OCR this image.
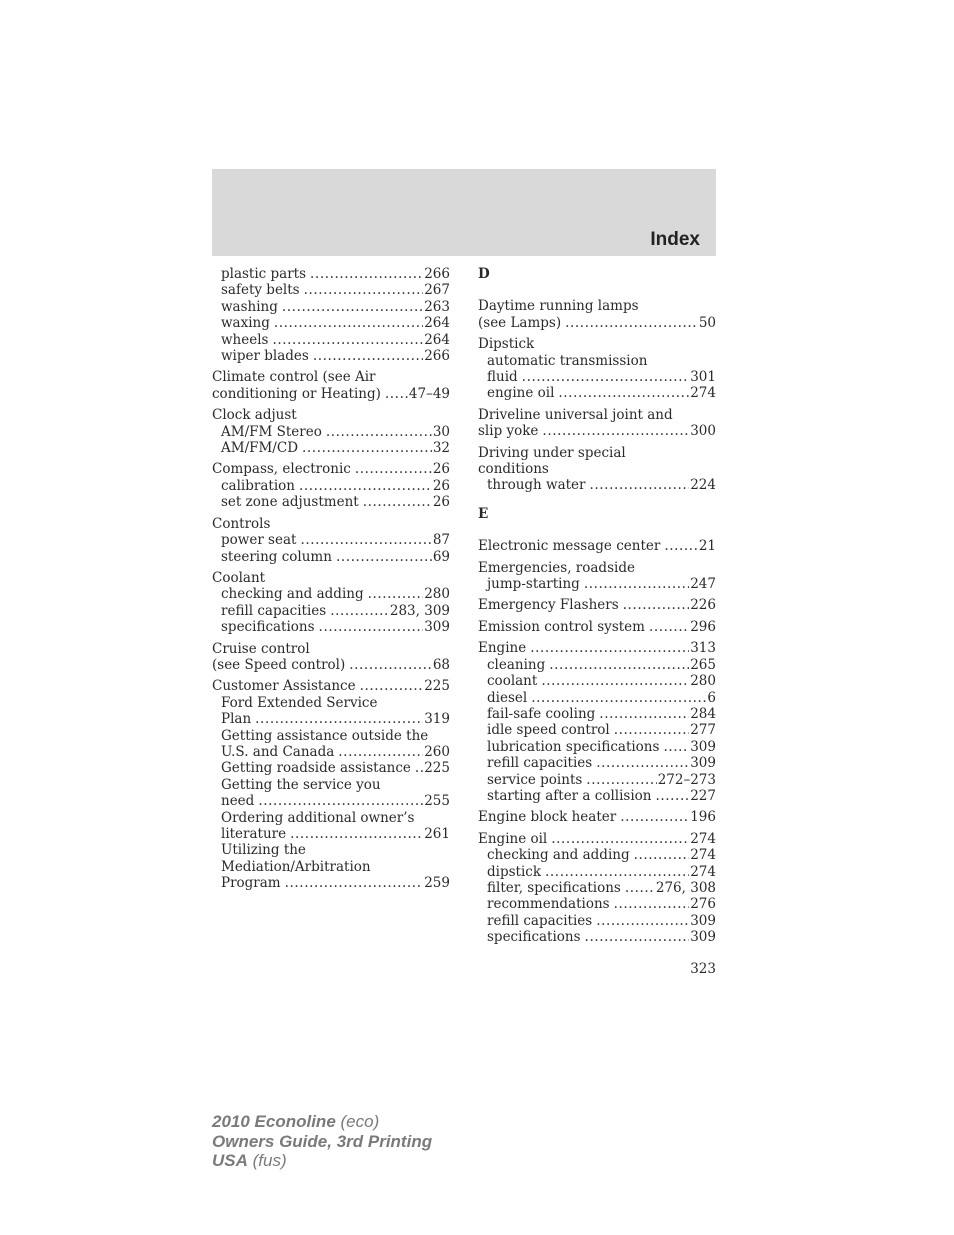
Index
plastic parts .....	266
safety belts .....	267
washing .....	263
waxing .....	264
wheels .....	264
wiper blades .....	266
Climate control (see Air
conditioning or Heating) ..... 47–49
Clock adjust
AM/FM Stereo .....	30
AM/FM/CD .....	32
Compass, electronic .....	26
calibration .....	26
set zone adjustment .....	26
Controls
power seat .....	87
steering column .....	69
Coolant
checking and adding .....	280
refill capacities .....	283, 309
specifications .....	309
Cruise control
(see Speed control) .....	68
Customer Assistance .....	225
Ford Extended Service
Plan .....	319
Getting assistance outside the
U.S. and Canada .....	260
Getting roadside assistance ..... 225
Getting the service you
need .....	255
Ordering additional owner’s
literature .....	261
Utilizing the
Mediation/Arbitration
Program .....	259
D
Daytime running lamps
(see Lamps) .....	50
Dipstick
automatic transmission
fluid .....	301
engine oil .....	274
Driveline universal joint and
slip yoke .....	300
Driving under special
conditions
through water .....	224
E
Electronic message center .....	21
Emergencies, roadside
jump-starting .....	247
Emergency Flashers .....	226
Emission control system .....	296
Engine .....	313
cleaning .....	265
coolant .....	280
diesel .....	6
fail-safe cooling .....	284
idle speed control .....	277
lubrication specifications ..... 309
refill capacities .....	309
service points .....	272–273
starting after a collision .....	227
Engine block heater .....	196
Engine oil .....	274
checking and adding .....	274
dipstick .....	274
filter, specifications .....	276, 308
recommendations .....	276
refill capacities .....	309
specifications .....	309
323
2010 Econoline (eco)
Owners Guide, 3rd Printing
USA (fus)
